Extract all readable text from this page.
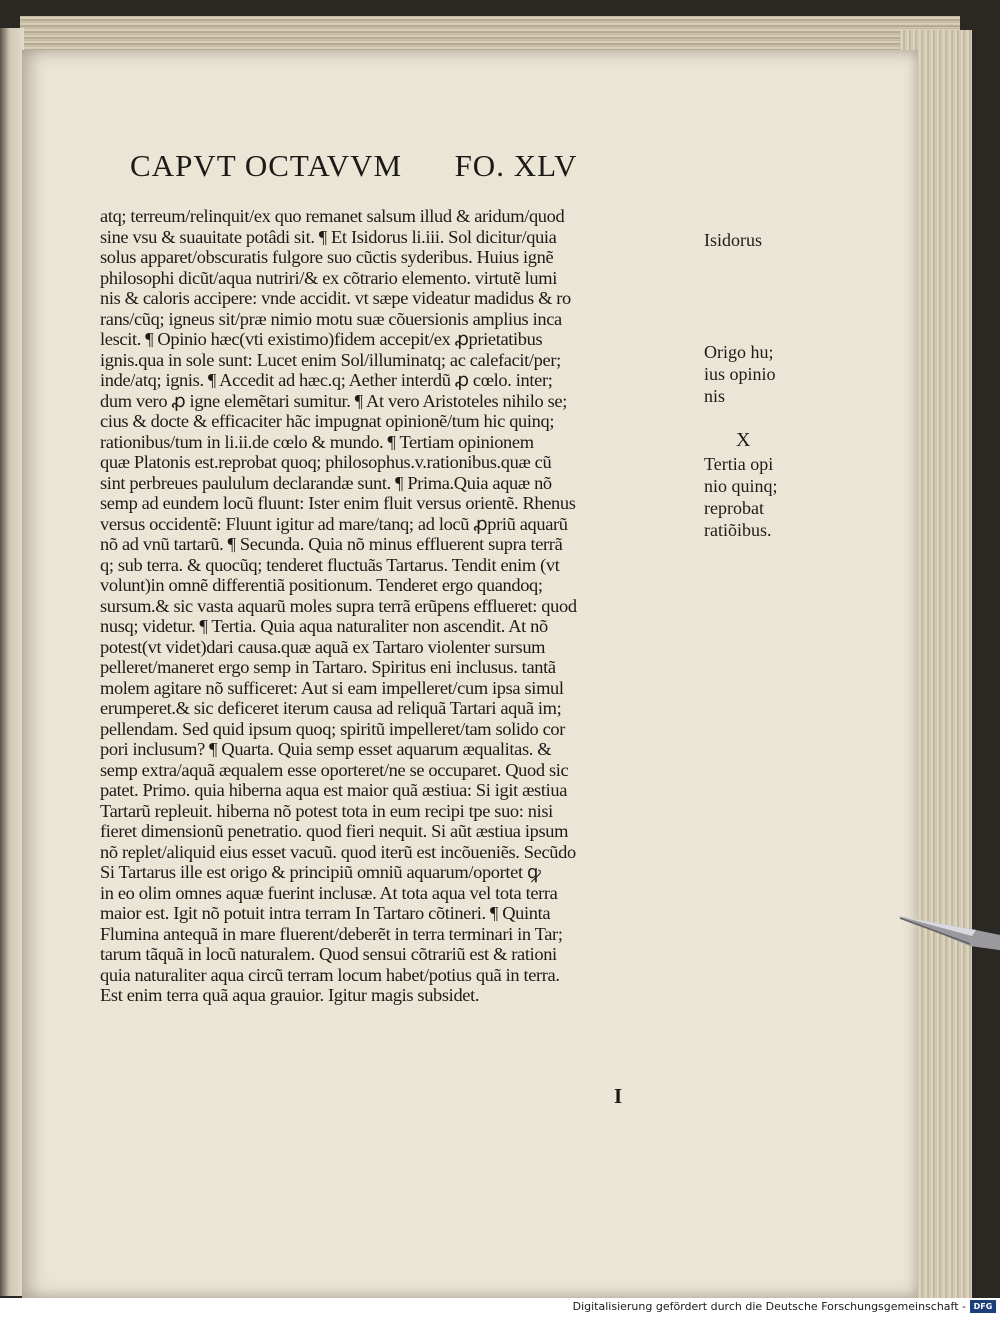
CAPVT OCTAVVM      FO. XLV
atq; terreum/relinquit/ex quo remanet salsum illud & aridum/quod
sine vsu & suauitate potâdi sit. ¶ Et Isidorus li.iii. Sol dicitur/quia
solus apparet/obscuratis fulgore suo cũctis syderibus. Huius ignẽ
philosophi dicũt/aqua nutriri/& ex cõtrario elemento. virtutẽ lumi
nis & caloris accipere: vnde accidit. vt sæpe videatur madidus & ro
rans/cũq; igneus sit/præ nimio motu suæ cõuersionis amplius inca
lescit. ¶ Opinio hæc(vti existimo)fidem accepit/ex ꝓprietatibus
ignis.qua in sole sunt: Lucet enim Sol/illuminatq; ac calefacit/per;
inde/atq; ignis. ¶ Accedit ad hæc.q; Aether interdũ ꝓ cœlo. inter;
dum vero ꝓ igne elemẽtari sumitur. ¶ At vero Aristoteles nihilo se;
cius & docte & efficaciter hãc impugnat opinionẽ/tum hic quinq;
rationibus/tum in li.ii.de cœlo & mundo. ¶ Tertiam opinionem
quæ Platonis est.reprobat quoq; philosophus.v.rationibus.quæ cũ
sint perbreues paululum declarandæ sunt. ¶ Prima.Quia aquæ nõ
semp ad eundem locũ fluunt: Ister enim fluit versus orientẽ. Rhenus
versus occidentẽ: Fluunt igitur ad mare/tanq; ad locũ ꝓpriũ aquarũ
nõ ad vnũ tartarũ. ¶ Secunda. Quia nõ minus effluerent supra terrã
q; sub terra. & quocũq; tenderet fluctuãs Tartarus. Tendit enim (vt
volunt)in omnẽ differentiã positionum. Tenderet ergo quandoq;
sursum.& sic vasta aquarũ moles supra terrã erũpens efflueret: quod
nusq; videtur. ¶ Tertia. Quia aqua naturaliter non ascendit. At nõ
potest(vt videt)dari causa.quæ aquã ex Tartaro violenter sursum
pelleret/maneret ergo semp in Tartaro. Spiritus eni inclusus. tantã
molem agitare nõ sufficeret: Aut si eam impelleret/cum ipsa simul
erumperet.& sic deficeret iterum causa ad reliquã Tartari aquã im;
pellendam. Sed quid ipsum quoq; spiritũ impelleret/tam solido cor
pori inclusum? ¶ Quarta. Quia semp esset aquarum æqualitas. &
semp extra/aquã æqualem esse oporteret/ne se occuparet. Quod sic
patet. Primo. quia hiberna aqua est maior quã æstiua: Si igit æstiua
Tartarũ repleuit. hiberna nõ potest tota in eum recipi tpe suo: nisi
fieret dimensionũ penetratio. quod fieri nequit. Si aũt æstiua ipsum
nõ replet/aliquid eius esset vacuũ. quod iterũ est incõueniẽs. Secũdo
Si Tartarus ille est origo & principiũ omniũ aquarum/oportet ꝙ
in eo olim omnes aquæ fuerint inclusæ. At tota aqua vel tota terra
maior est. Igit nõ potuit intra terram In Tartaro cõtineri. ¶ Quinta
Flumina antequã in mare fluerent/deberẽt in terra terminari in Tar;
tarum tãquã in locũ naturalem. Quod sensui cõtrariũ est & rationi
quia naturaliter aqua circũ terram locum habet/potius quã in terra.
Est enim terra quã aqua grauior. Igitur magis subsidet.
Isidorus
Origo hu;
ius opinio
nis
X
Tertia opi
nio quinq;
reprobat
ratiõibus.
I
Digitalisierung gefördert durch die Deutsche Forschungsgemeinschaft - DFG
